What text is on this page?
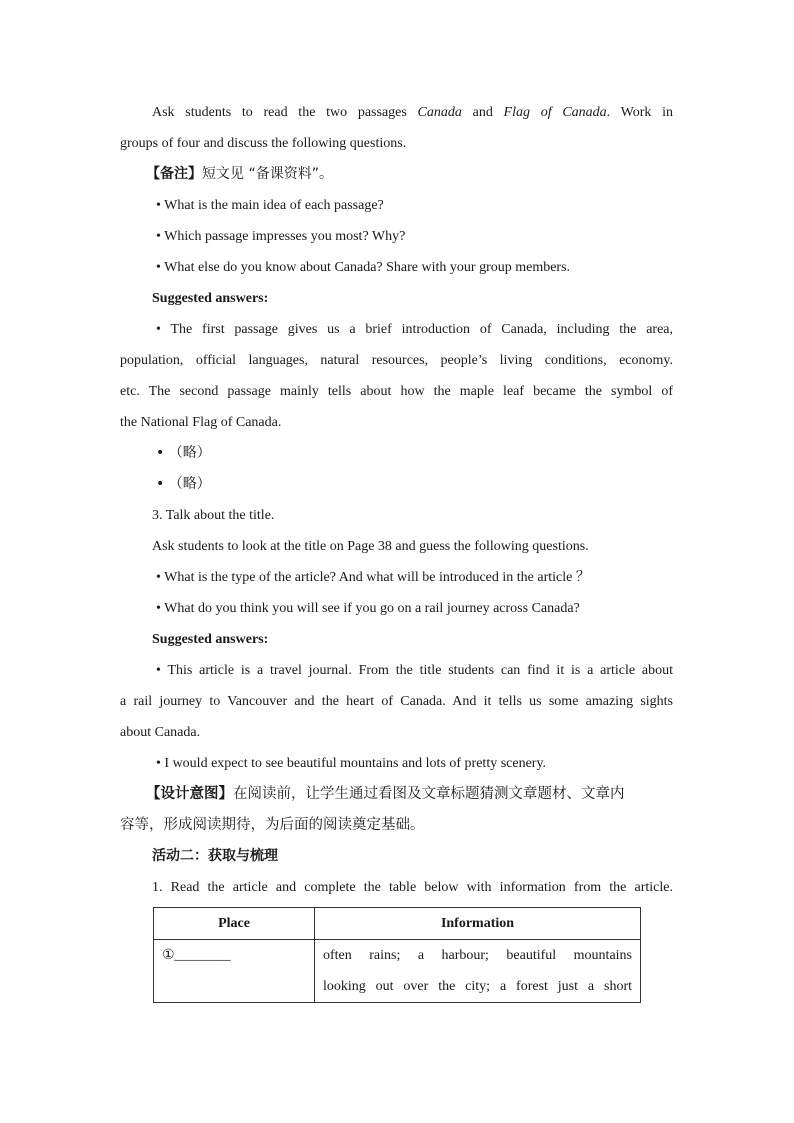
Ask students to read the two passages Canada and Flag of Canada. Work in
groups of four and discuss the following questions.
【备注】短文见 “备课资料”。
• What is the main idea of each passage?
• Which passage impresses you most? Why?
• What else do you know about Canada? Share with your group members.
Suggested answers:
• The first passage gives us a brief introduction of Canada, including the area,
population, official languages, natural resources, people’s living conditions, economy.
etc. The second passage mainly tells about how the maple leaf became the symbol of
the National Flag of Canada.
• （略）
• （略）
3. Talk about the title.
Ask students to look at the title on Page 38 and guess the following questions.
• What is the type of the article? And what will be introduced in the article ？
• What do you think you will see if you go on a rail journey across Canada?
Suggested answers:
• This article is a travel journal. From the title students can find it is a article about
a rail journey to Vancouver and the heart of Canada. And it tells us some amazing sights
about Canada.
• I would expect to see beautiful mountains and lots of pretty scenery.
【设计意图】在阅读前，让学生通过看图及文章标题猜测文章题材、文章内
容等，形成阅读期待，为后面的阅读奠定基础。
活动二：获取与梳理
1. Read the article and complete the table below with information from the article.
Place	Information

①________	often rains; a harbour; beautiful mountains
looking out over the city; a forest just a short
